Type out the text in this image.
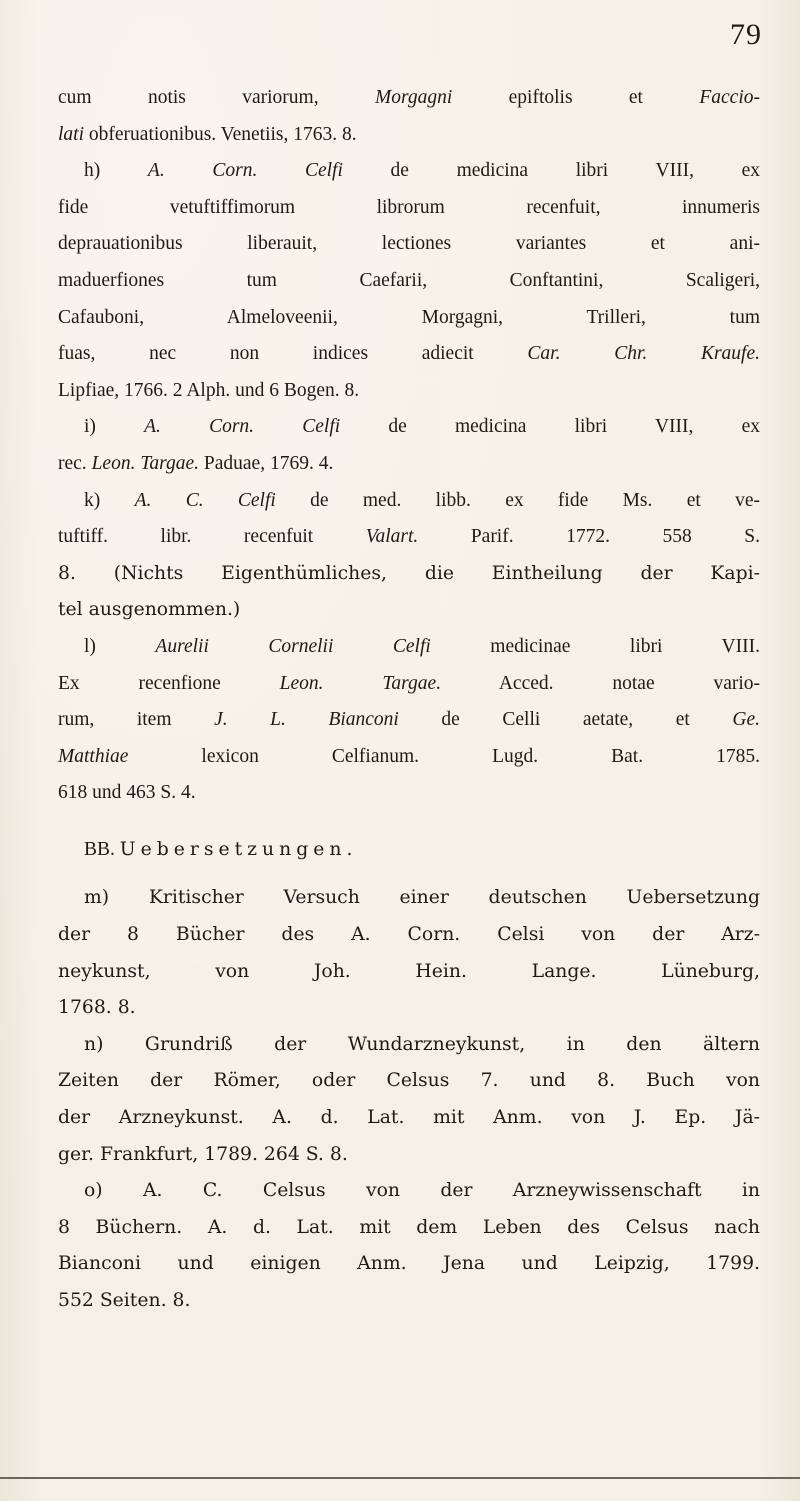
79
cum notis variorum, Morgagni epiftolis et Faccio-
lati obferuationibus. Venetiis, 1763. 8.
h) A. Corn. Celfi de medicina libri VIII, ex
fide vetuftiffimorum librorum recenfuit, innumeris
deprauationibus liberauit, lectiones variantes et ani-
maduerfiones tum Caefarii, Conftantini, Scaligeri,
Cafauboni, Almeloveenii, Morgagni, Trilleri, tum
fuas, nec non indices adiecit Car. Chr. Kraufe.
Lipfiae, 1766. 2 Alph. und 6 Bogen. 8.
i) A. Corn. Celfi de medicina libri VIII, ex
rec. Leon. Targae. Paduae, 1769. 4.
k) A. C. Celfi de med. libb. ex fide Ms. et ve-
tuftiff. libr. recenfuit Valart. Parif. 1772. 558 S.
8. (Nichts Eigenthümliches, die Eintheilung der Kapi-
tel ausgenommen.)
l) Aurelii Cornelii Celfi medicinae libri VIII.
Ex recenfione Leon. Targae. Acced. notae vario-
rum, item J. L. Bianconi de Celli aetate, et Ge.
Matthiae lexicon Celfianum. Lugd. Bat. 1785.
618 und 463 S. 4.
BB. Uebersetzungen.
m) Kritischer Versuch einer deutschen Uebersetzung
der 8 Bücher des A. Corn. Celsi von der Arz-
neykunst, von Joh. Hein. Lange. Lüneburg,
1768. 8.
n) Grundriß der Wundarzneykunst, in den ältern
Zeiten der Römer, oder Celsus 7. und 8. Buch von
der Arzneykunst. A. d. Lat. mit Anm. von J. Ep. Jä-
ger. Frankfurt, 1789. 264 S. 8.
o) A. C. Celsus von der Arzneywissenschaft in
8 Büchern. A. d. Lat. mit dem Leben des Celsus nach
Bianconi und einigen Anm. Jena und Leipzig, 1799.
552 Seiten. 8.
